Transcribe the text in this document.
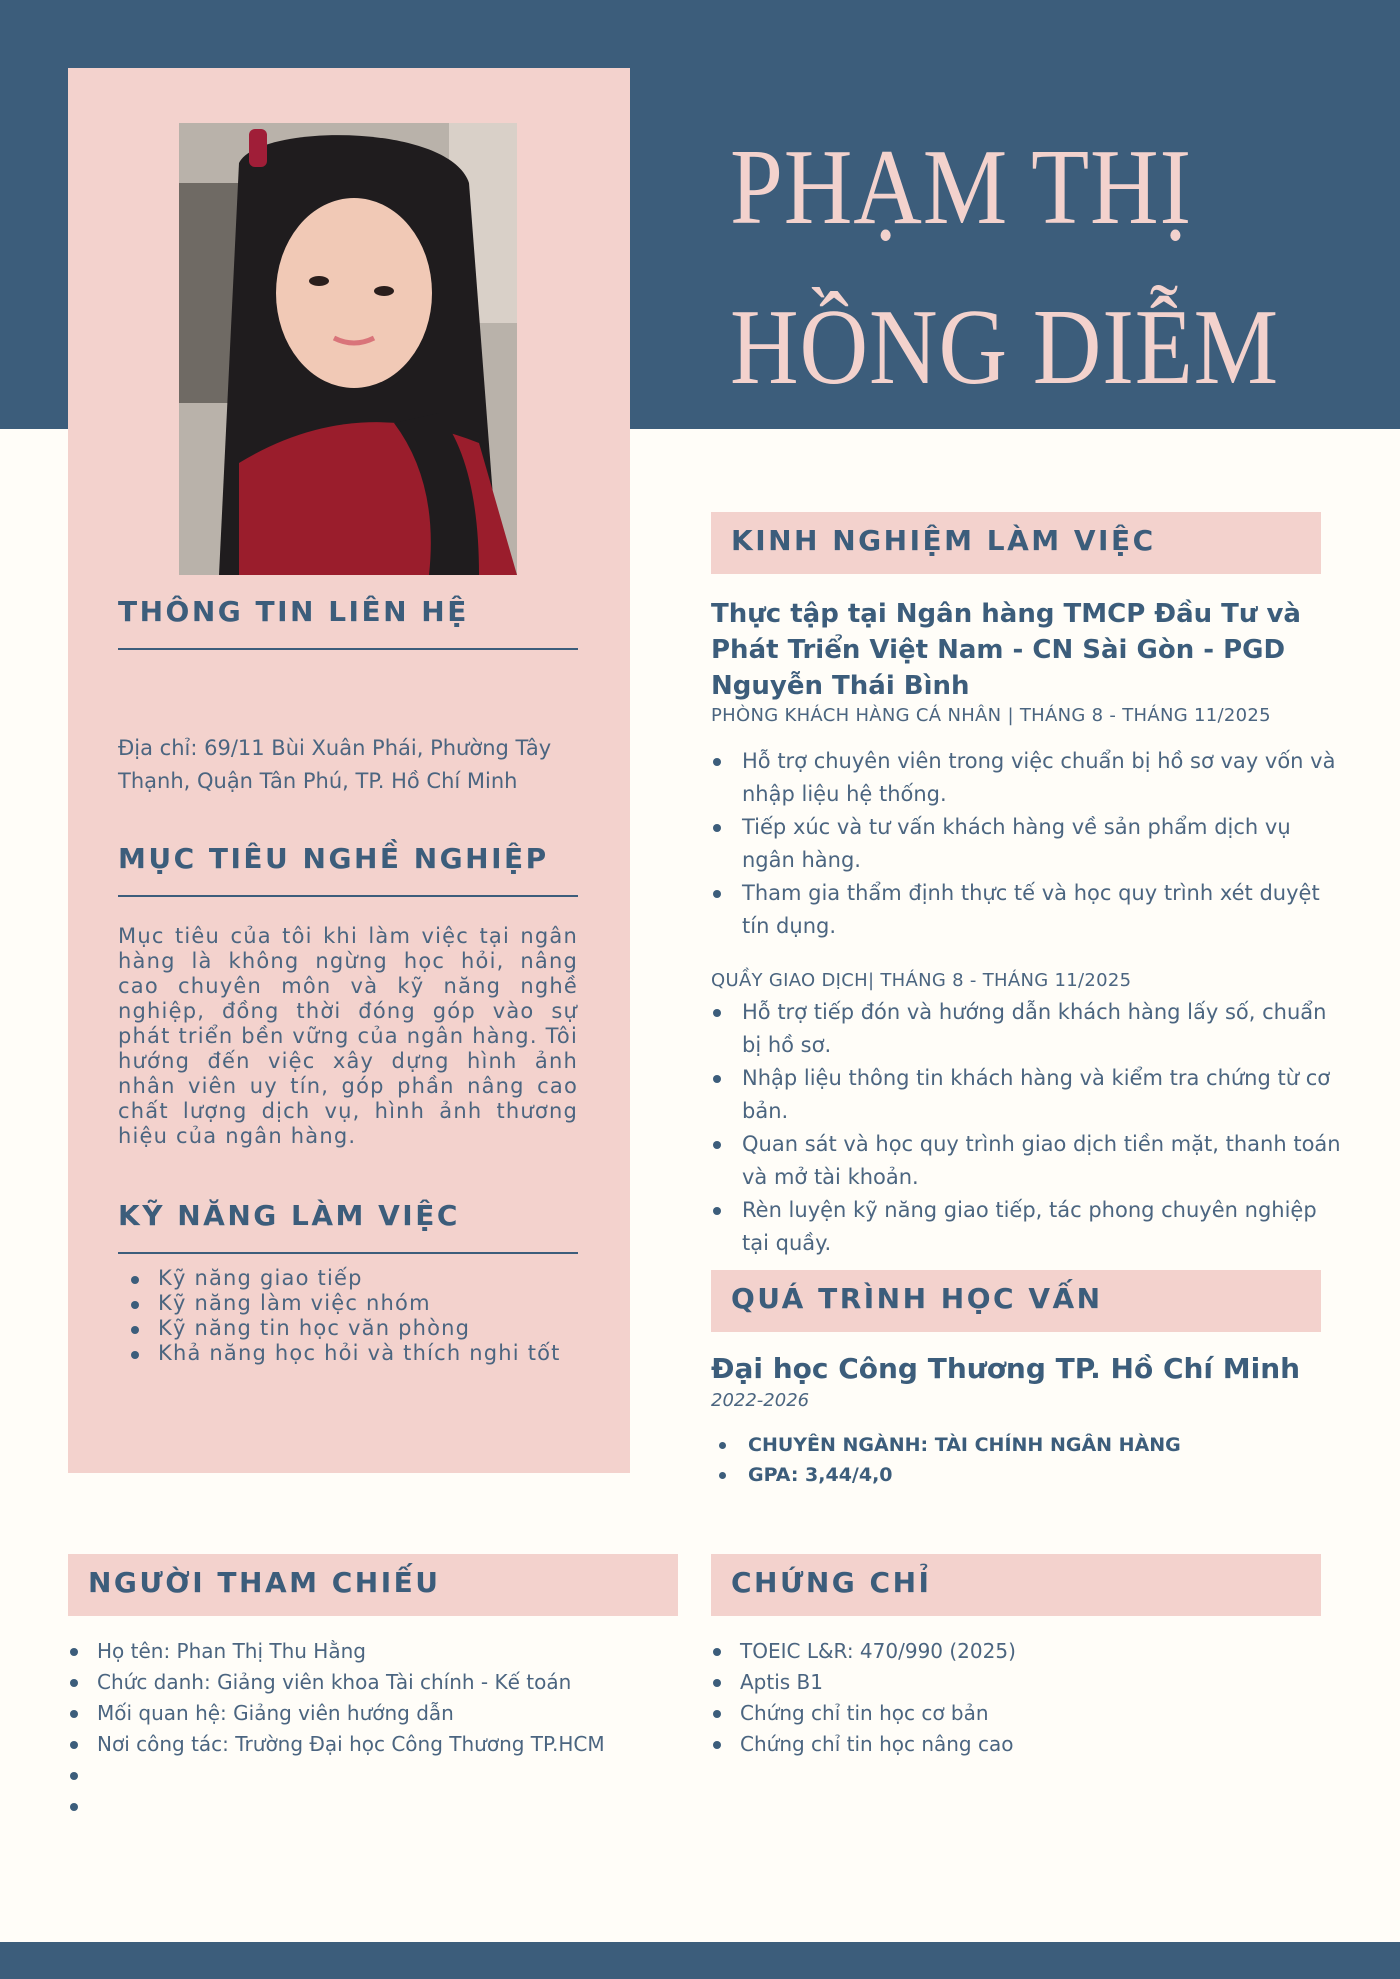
PHẠM THỊ
HỒNG DIỄM
THÔNG TIN LIÊN HỆ

Địa chỉ: 69/11 Bùi Xuân Phái, Phường Tây Thạnh, Quận Tân Phú, TP. Hồ Chí Minh

MỤC TIÊU NGHỀ NGHIỆP

Mục tiêu của tôi khi làm việc tại ngân hàng là không ngừng học hỏi, nâng cao chuyên môn và kỹ năng nghề nghiệp, đồng thời đóng góp vào sự phát triển bền vững của ngân hàng. Tôi hướng đến việc xây dựng hình ảnh nhân viên uy tín, góp phần nâng cao chất lượng dịch vụ, hình ảnh thương hiệu của ngân hàng.

KỸ NĂNG LÀM VIỆC
Kỹ năng giao tiếp
Kỹ năng làm việc nhóm
Kỹ năng tin học văn phòng
Khả năng học hỏi và thích nghi tốt
KINH NGHIỆM LÀM VIỆC
Thực tập tại Ngân hàng TMCP Đầu Tư và Phát Triển Việt Nam - CN Sài Gòn - PGD Nguyễn Thái Bình
PHÒNG KHÁCH HÀNG CÁ NHÂN | THÁNG 8 - THÁNG 11/2025
Hỗ trợ chuyên viên trong việc chuẩn bị hồ sơ vay vốn và nhập liệu hệ thống.
Tiếp xúc và tư vấn khách hàng về sản phẩm dịch vụ ngân hàng.
Tham gia thẩm định thực tế và học quy trình xét duyệt tín dụng.
QUẦY GIAO DỊCH| THÁNG 8 - THÁNG 11/2025
Hỗ trợ tiếp đón và hướng dẫn khách hàng lấy số, chuẩn bị hồ sơ.
Nhập liệu thông tin khách hàng và kiểm tra chứng từ cơ bản.
Quan sát và học quy trình giao dịch tiền mặt, thanh toán và mở tài khoản.
Rèn luyện kỹ năng giao tiếp, tác phong chuyên nghiệp tại quầy.
QUÁ TRÌNH HỌC VẤN
Đại học Công Thương TP. Hồ Chí Minh
2022-2026
CHUYÊN NGÀNH: TÀI CHÍNH NGÂN HÀNG
GPA: 3,44/4,0
NGƯỜI THAM CHIẾU
Họ tên: Phan Thị Thu Hằng
Chức danh: Giảng viên khoa Tài chính - Kế toán
Mối quan hệ: Giảng viên hướng dẫn
Nơi công tác: Trường Đại học Công Thương TP.HCM
CHỨNG CHỈ
TOEIC L&R: 470/990 (2025)
Aptis B1
Chứng chỉ tin học cơ bản
Chứng chỉ tin học nâng cao
